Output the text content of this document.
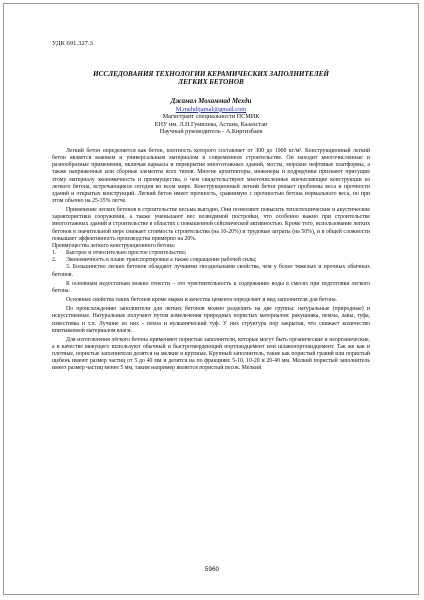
УДК 691.327.3
ИССЛЕДОВАНИЯ ТЕХНОЛОГИИ КЕРАМИЧЕСКИХ ЗАПОЛНИТЕЛЕЙ
ЛЕГКИХ БЕТОНОВ
Джамал Мохаммад Мехди
M.mehdijamal@gmail.com
Магистрант специальности ПСМИК
ЕНУ им. Л.Н.Гумилева, Астана, Казахстан
Научный руководитель - А.Киргизбаев

Легкий бетон определяется как бетон, плотность которого составляет от 300 до 1900 кг/м³. Конструкционный легкий бетон является важным и универсальным материалом в современном строительстве. Он находит многочисленные и разнообразные применения, включая каркасы и перекрытия многоэтажных зданий, мосты, морские нефтяные платформы, а также напряженные или сборные элементы всех типов. Многие архитекторы, инженеры и подрядчики признают присущие этому материалу экономичность и преимущества, о чем свидетельствуют многочисленные впечатляющие конструкции из легкого бетона, встречающиеся сегодня во всем мире. Конструкционный легкий бетон решает проблемы веса и прочности зданий и открытых конструкций. Легкий бетон имеет прочность, сравнимую с прочностью бетона нормального веса, но при этом обычно на 25-35% легче.

Применение легких бетонов в строительстве весьма выгодно. Они позволяют повысить теплотехнические и акустические характеристики сооружения, а также уменьшают вес возводимой постройки, что особенно важно при строительстве многоэтажных зданий и строительстве в областях с повышенной сейсмической активностью. Кроме того, использование легких бетонов в значительной мере снижает стоимость строительства (на 10-20%) и трудовые затраты (на 50%), и в общей сложности повышает эффективность производства примерно на 20%.

Преимущества легкого конструкционного бетона:

1.	Быстрое и относительно простое строительство;
2.	Экономичность в плане транспортировки а также сокращение рабочей силы;

3. Большинство легких бетонов обладают лучшими гвоздильными свойства, чем у более тяжелых и прочных обычных бетонов.

К основным недостаткам можно отнести – это чувствительность к содержанию воды в смесях при подготовки легкого бетона.

Основные свойства таких бетонов кроме марки и качества цемента определяет и вид заполнителя для бетона.

По происхождению заполнители для легких бетонов можно разделить на две группы: натуральные (природные) и искусственные. Натуральные получают путем измельчения природных пористых материалов: ракушняка, пемзы, лавы, туфа, известняка и т.п. Лучшие из них - пемза и вулканический туф. У них структура пор закрытая, что снижает количество впитываемой материалом влаги.

Для изготовления лёгкого бетона применяют пористые заполнители, которые могут быть органические и неорганические, а в качестве вяжущего используют обычный и быстротвердеющий портландцемент или шлакопортландцемент. Так же как и плотные, пористые заполнители делятся на мелкие и крупные. Крупный заполнитель, такие как пористый гравий или пористый щебень имеют размер частиц от 5 до 40 мм и делятся на по фракциям: 5-10, 10-20 и 20-40 мм. Мелкий пористый заполнитель имеет размер частиц менее 5 мм, таким например является пористый песок. Мелкий

5960
